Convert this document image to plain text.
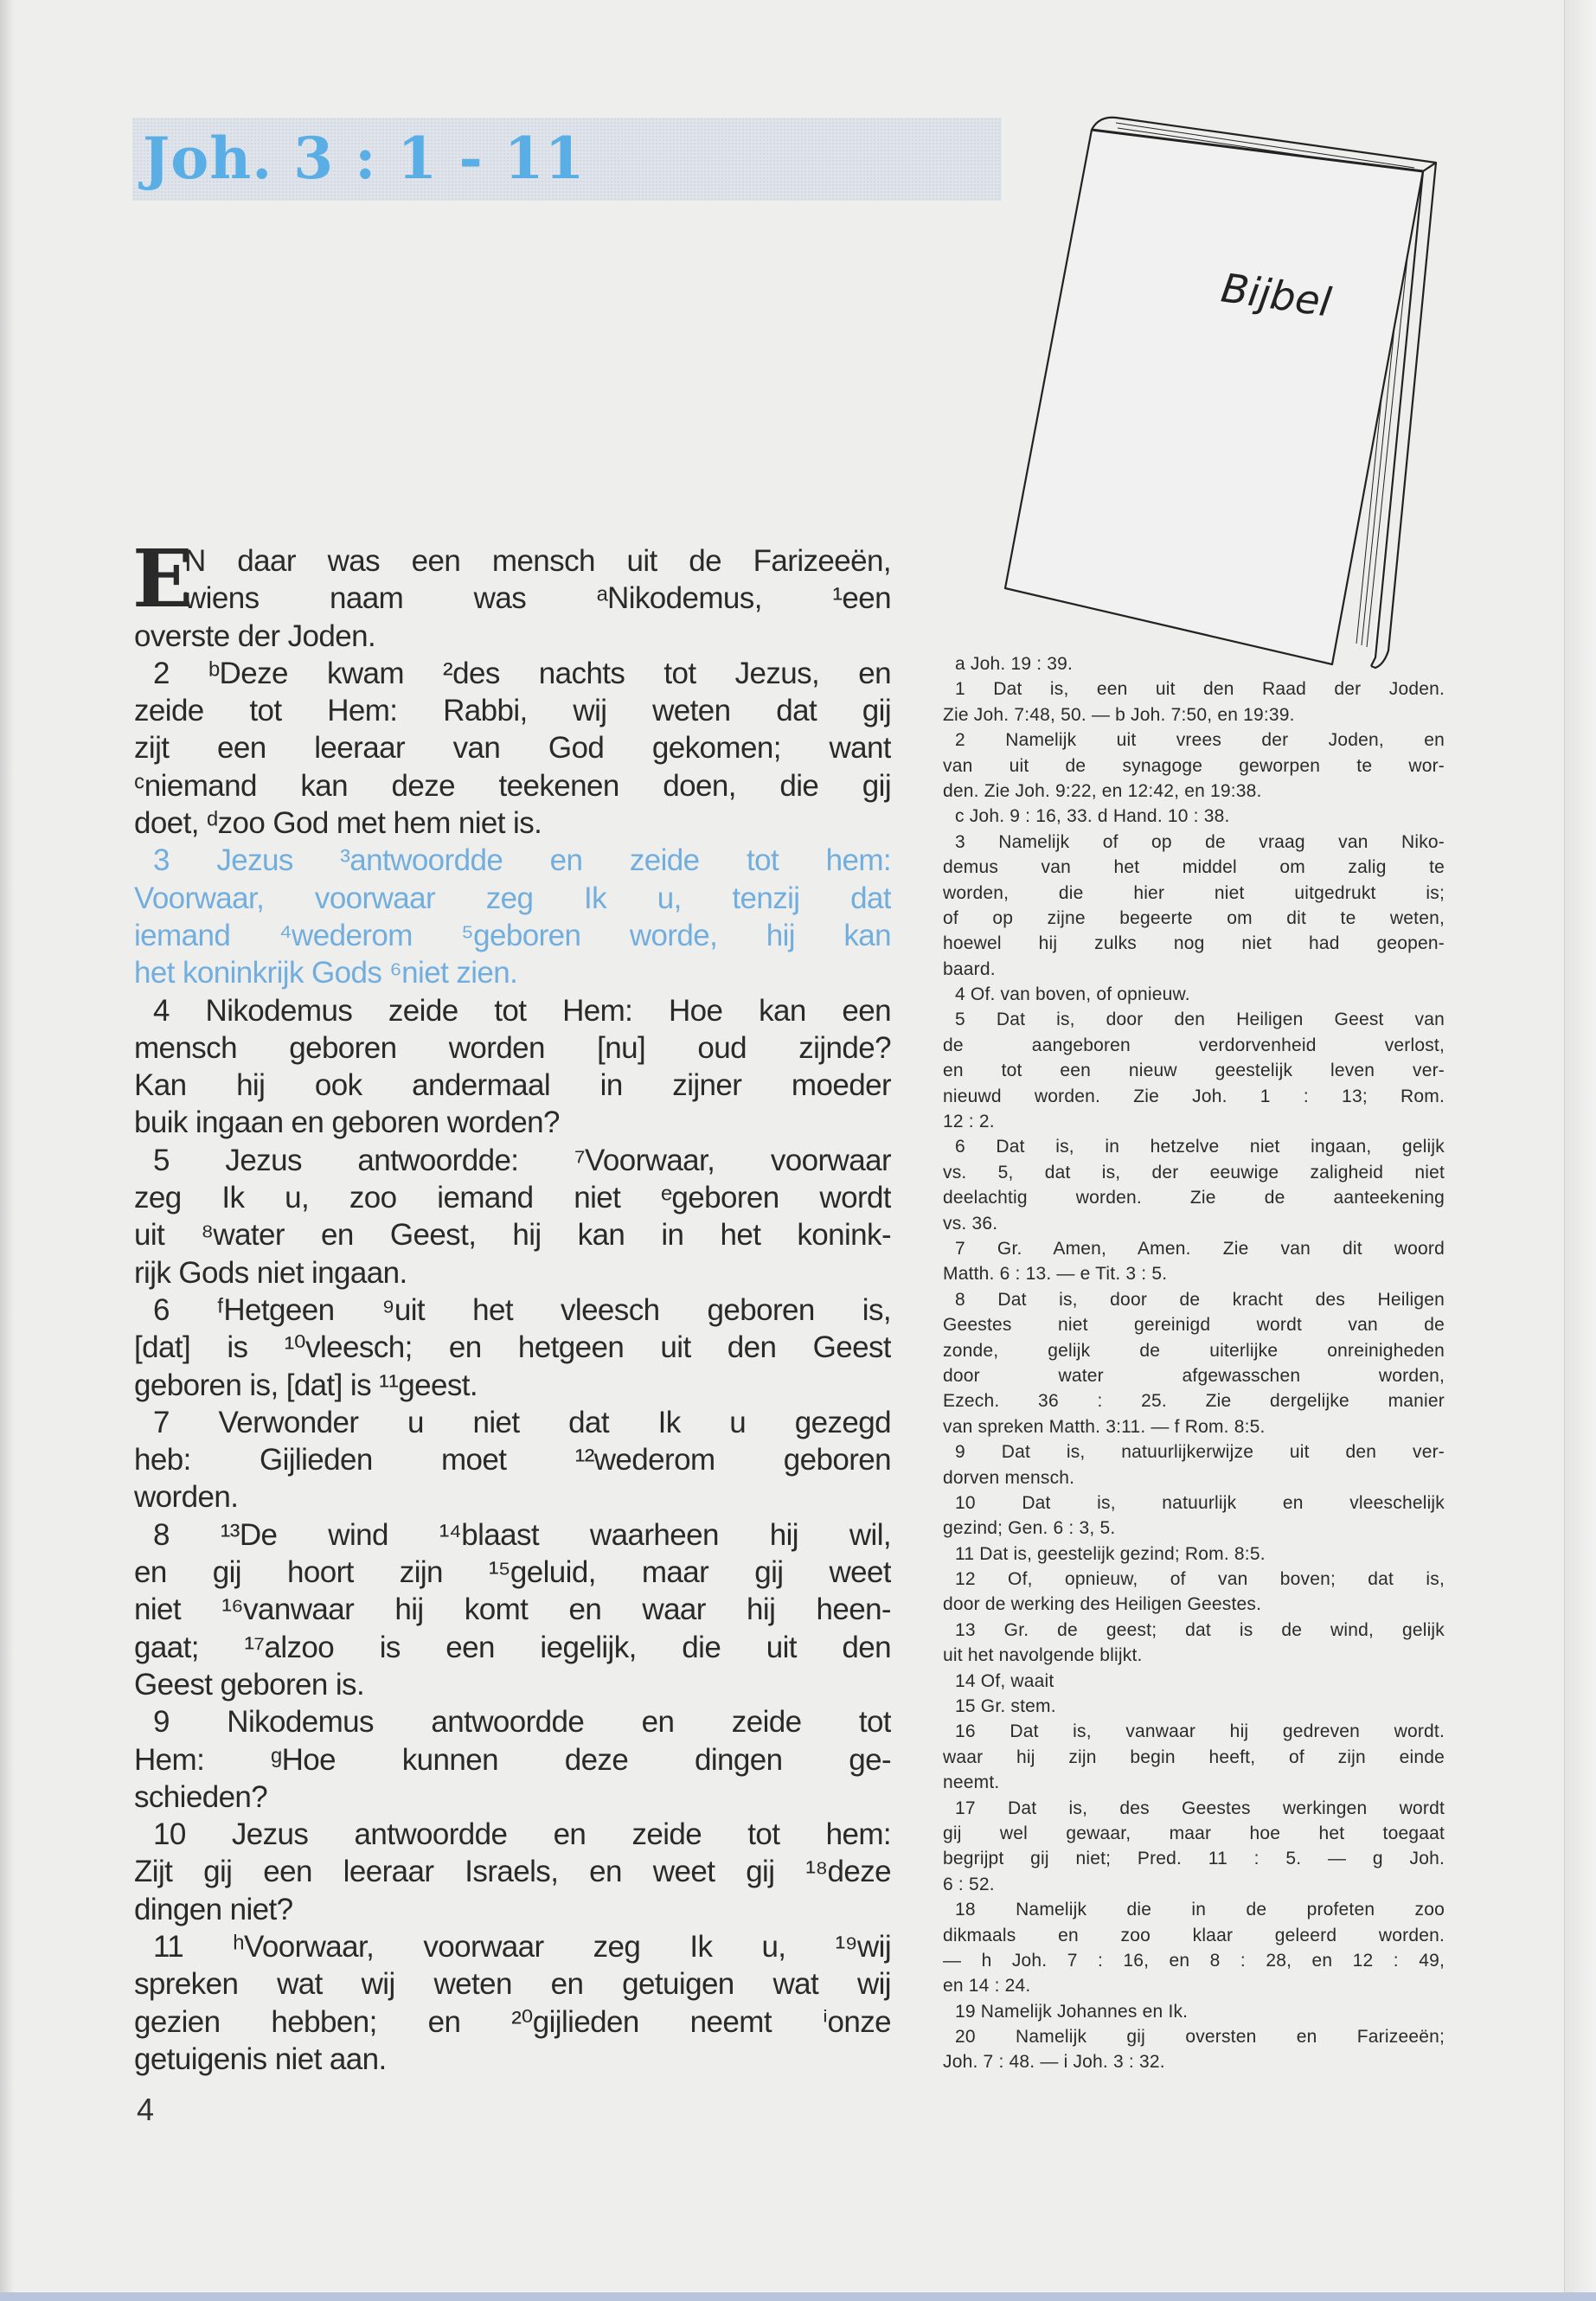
Joh. 3 : 1 - 11
Bijbel
E
N daar was een mensch uit de Farizeeën,
wiens naam was ᵃNikodemus, ¹een
overste der Joden.
2 ᵇDeze kwam ²des nachts tot Jezus, en
zeide tot Hem: Rabbi, wij weten dat gij
zijt een leeraar van God gekomen; want
ᶜniemand kan deze teekenen doen, die gij
doet, ᵈzoo God met hem niet is.
3 Jezus ³antwoordde en zeide tot hem:
Voorwaar, voorwaar zeg Ik u, tenzij dat
iemand ⁴wederom ⁵geboren worde, hij kan
het koninkrijk Gods ⁶niet zien.
4 Nikodemus zeide tot Hem: Hoe kan een
mensch geboren worden [nu] oud zijnde?
Kan hij ook andermaal in zijner moeder
buik ingaan en geboren worden?
5 Jezus antwoordde: ⁷Voorwaar, voorwaar
zeg Ik u, zoo iemand niet ᵉgeboren wordt
uit ⁸water en Geest, hij kan in het konink-
rijk Gods niet ingaan.
6 ᶠHetgeen ⁹uit het vleesch geboren is,
[dat] is ¹⁰vleesch; en hetgeen uit den Geest
geboren is, [dat] is ¹¹geest.
7 Verwonder u niet dat Ik u gezegd
heb: Gijlieden moet ¹²wederom geboren
worden.
8 ¹³De wind ¹⁴blaast waarheen hij wil,
en gij hoort zijn ¹⁵geluid, maar gij weet
niet ¹⁶vanwaar hij komt en waar hij heen-
gaat; ¹⁷alzoo is een iegelijk, die uit den
Geest geboren is.
9 Nikodemus antwoordde en zeide tot
Hem: ᵍHoe kunnen deze dingen ge-
schieden?
10 Jezus antwoordde en zeide tot hem:
Zijt gij een leeraar Israels, en weet gij ¹⁸deze
dingen niet?
11 ʰVoorwaar, voorwaar zeg Ik u, ¹⁹wij
spreken wat wij weten en getuigen wat wij
gezien hebben; en ²⁰gijlieden neemt ⁱonze
getuigenis niet aan.
4
a Joh. 19 : 39.
1 Dat is, een uit den Raad der Joden.
Zie Joh. 7:48, 50. — b Joh. 7:50, en 19:39.
2 Namelijk uit vrees der Joden, en
van uit de synagoge geworpen te wor-
den. Zie Joh. 9:22, en 12:42, en 19:38.
c Joh. 9 : 16, 33. d Hand. 10 : 38.
3 Namelijk of op de vraag van Niko-
demus van het middel om zalig te
worden, die hier niet uitgedrukt is;
of op zijne begeerte om dit te weten,
hoewel hij zulks nog niet had geopen-
baard.
4 Of. van boven, of opnieuw.
5 Dat is, door den Heiligen Geest van
de aangeboren verdorvenheid verlost,
en tot een nieuw geestelijk leven ver-
nieuwd worden. Zie Joh. 1 : 13; Rom.
12 : 2.
6 Dat is, in hetzelve niet ingaan, gelijk
vs. 5, dat is, der eeuwige zaligheid niet
deelachtig worden. Zie de aanteekening
vs. 36.
7 Gr. Amen, Amen. Zie van dit woord
Matth. 6 : 13. — e Tit. 3 : 5.
8 Dat is, door de kracht des Heiligen
Geestes niet gereinigd wordt van de
zonde, gelijk de uiterlijke onreinigheden
door water afgewasschen worden,
Ezech. 36 : 25. Zie dergelijke manier
van spreken Matth. 3:11. — f Rom. 8:5.
9 Dat is, natuurlijkerwijze uit den ver-
dorven mensch.
10 Dat is, natuurlijk en vleeschelijk
gezind; Gen. 6 : 3, 5.
11 Dat is, geestelijk gezind; Rom. 8:5.
12 Of, opnieuw, of van boven; dat is,
door de werking des Heiligen Geestes.
13 Gr. de geest; dat is de wind, gelijk
uit het navolgende blijkt.
14 Of, waait
15 Gr. stem.
16 Dat is, vanwaar hij gedreven wordt.
waar hij zijn begin heeft, of zijn einde
neemt.
17 Dat is, des Geestes werkingen wordt
gij wel gewaar, maar hoe het toegaat
begrijpt gij niet; Pred. 11 : 5. — g Joh.
6 : 52.
18 Namelijk die in de profeten zoo
dikmaals en zoo klaar geleerd worden.
— h Joh. 7 : 16, en 8 : 28, en 12 : 49,
en 14 : 24.
19 Namelijk Johannes en Ik.
20 Namelijk gij oversten en Farizeeën;
Joh. 7 : 48. — i Joh. 3 : 32.
